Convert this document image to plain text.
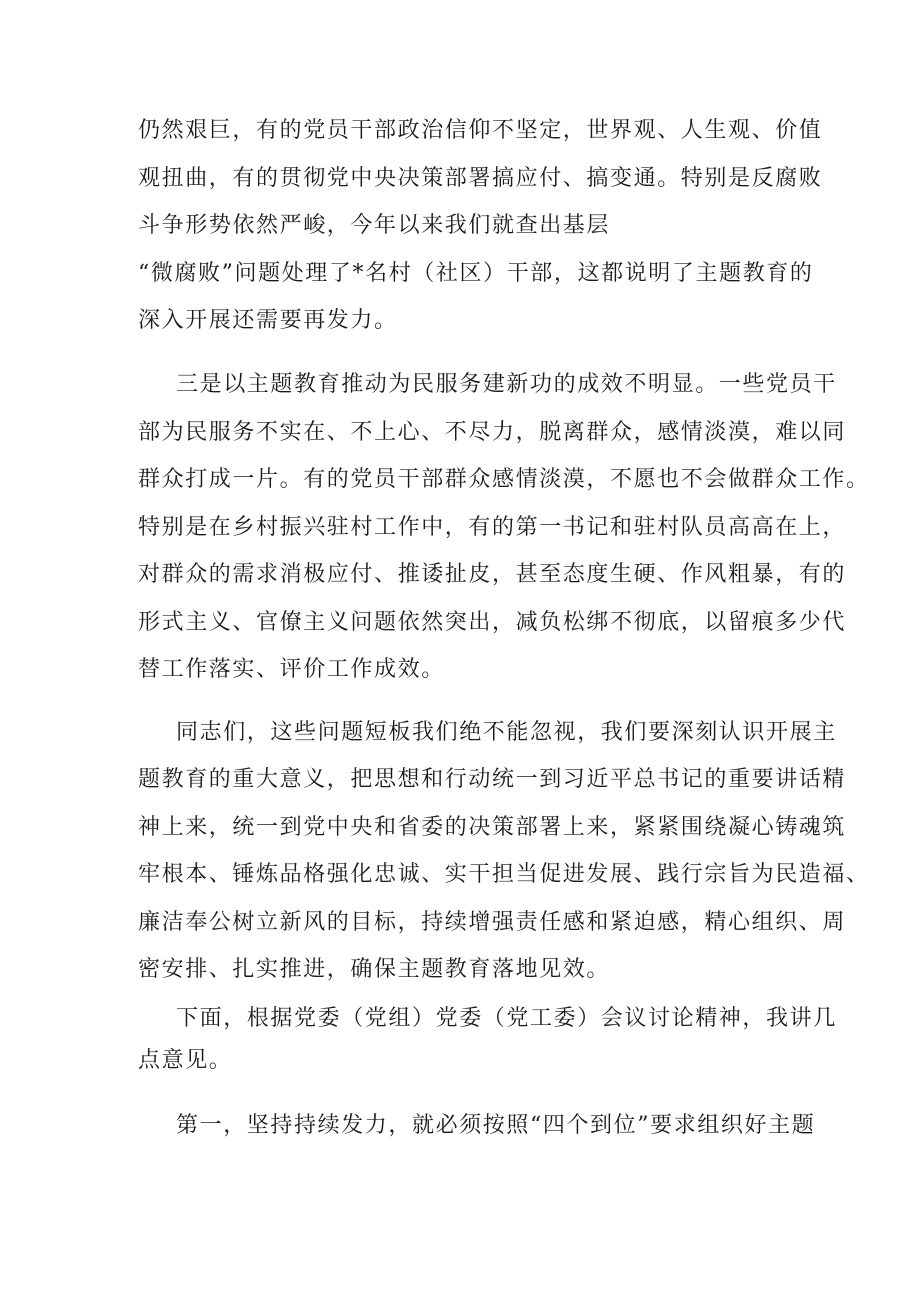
仍然艰巨，有的党员干部政治信仰不坚定，世界观、人生观、价值

观扭曲，有的贯彻党中央决策部署搞应付、搞变通。特别是反腐败

斗争形势依然严峻，今年以来我们就查出基层

“微腐败”问题处理了*名村（社区）干部，这都说明了主题教育的

深入开展还需要再发力。

三是以主题教育推动为民服务建新功的成效不明显。一些党员干

部为民服务不实在、不上心、不尽力，脱离群众，感情淡漠，难以同

群众打成一片。有的党员干部群众感情淡漠，不愿也不会做群众工作。

特别是在乡村振兴驻村工作中，有的第一书记和驻村队员高高在上，

对群众的需求消极应付、推诿扯皮，甚至态度生硬、作风粗暴，有的

形式主义、官僚主义问题依然突出，减负松绑不彻底，以留痕多少代

替工作落实、评价工作成效。

同志们，这些问题短板我们绝不能忽视，我们要深刻认识开展主

题教育的重大意义，把思想和行动统一到习近平总书记的重要讲话精

神上来，统一到党中央和省委的决策部署上来，紧紧围绕凝心铸魂筑

牢根本、锤炼品格强化忠诚、实干担当促进发展、践行宗旨为民造福、

廉洁奉公树立新风的目标，持续增强责任感和紧迫感，精心组织、周

密安排、扎实推进，确保主题教育落地见效。

下面，根据党委（党组）党委（党工委）会议讨论精神，我讲几

点意见。

第一，坚持持续发力，就必须按照“四个到位”要求组织好主题
